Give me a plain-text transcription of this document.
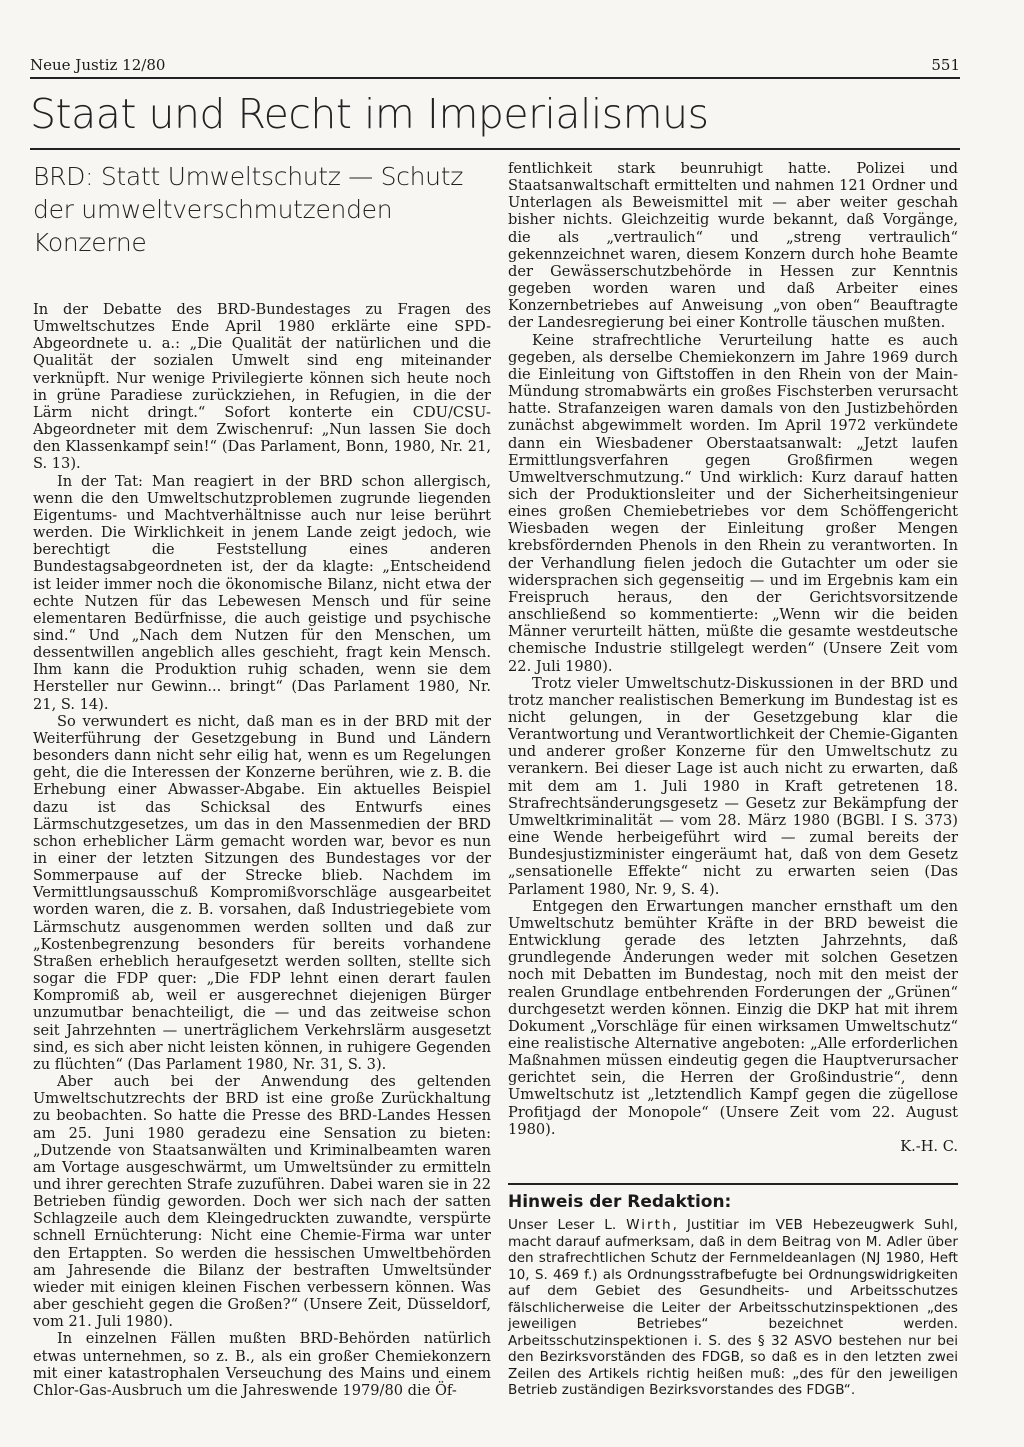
Neue Justiz 12/80	551
Staat und Recht im Imperialismus
BRD: Statt Umweltschutz — Schutz
der umweltverschmutzenden Konzerne

In der Debatte des BRD-Bundestages zu Fragen des Umweltschutzes Ende April 1980 erklärte eine SPD-Abgeordnete u. a.: „Die Qualität der natürlichen und die Qualität der sozialen Umwelt sind eng miteinander verknüpft. Nur wenige Privilegierte können sich heute noch in grüne Paradiese zurückziehen, in Refugien, in die der Lärm nicht dringt.“ Sofort konterte ein CDU/CSU-Abgeordneter mit dem Zwischenruf: „Nun lassen Sie doch den Klassenkampf sein!“ (Das Parlament, Bonn, 1980, Nr. 21, S. 13).

In der Tat: Man reagiert in der BRD schon allergisch, wenn die den Umweltschutzproblemen zugrunde liegenden Eigentums- und Machtverhältnisse auch nur leise berührt werden. Die Wirklichkeit in jenem Lande zeigt jedoch, wie berechtigt die Feststellung eines anderen Bundestagsabgeordneten ist, der da klagte: „Entscheidend ist leider immer noch die ökonomische Bilanz, nicht etwa der echte Nutzen für das Lebewesen Mensch und für seine elementaren Bedürfnisse, die auch geistige und psychische sind.“ Und „Nach dem Nutzen für den Menschen, um dessentwillen angeblich alles geschieht, fragt kein Mensch. Ihm kann die Produktion ruhig schaden, wenn sie dem Hersteller nur Gewinn... bringt“ (Das Parlament 1980, Nr. 21, S. 14).

So verwundert es nicht, daß man es in der BRD mit der Weiterführung der Gesetzgebung in Bund und Ländern besonders dann nicht sehr eilig hat, wenn es um Regelungen geht, die die Interessen der Konzerne berühren, wie z. B. die Erhebung einer Abwasser-Abgabe. Ein aktuelles Beispiel dazu ist das Schicksal des Entwurfs eines Lärmschutzgesetzes, um das in den Massenmedien der BRD schon erheblicher Lärm gemacht worden war, bevor es nun in einer der letzten Sitzungen des Bundestages vor der Sommerpause auf der Strecke blieb. Nachdem im Vermittlungsausschuß Kompromißvorschläge ausgearbeitet worden waren, die z. B. vorsahen, daß Industriegebiete vom Lärmschutz ausgenommen werden sollten und daß zur „Kostenbegrenzung besonders für bereits vorhandene Straßen erheblich heraufgesetzt werden sollten, stellte sich sogar die FDP quer: „Die FDP lehnt einen derart faulen Kompromiß ab, weil er ausgerechnet diejenigen Bürger unzumutbar benachteiligt, die — und das zeitweise schon seit Jahrzehnten — unerträglichem Verkehrslärm ausgesetzt sind, es sich aber nicht leisten können, in ruhigere Gegenden zu flüchten“ (Das Parlament 1980, Nr. 31, S. 3).

Aber auch bei der Anwendung des geltenden Umweltschutzrechts der BRD ist eine große Zurückhaltung zu beobachten. So hatte die Presse des BRD-Landes Hessen am 25. Juni 1980 geradezu eine Sensation zu bieten: „Dutzende von Staatsanwälten und Kriminalbeamten waren am Vortage ausgeschwärmt, um Umweltsünder zu ermitteln und ihrer gerechten Strafe zuzuführen. Dabei waren sie in 22 Betrieben fündig geworden. Doch wer sich nach der satten Schlagzeile auch dem Kleingedruckten zuwandte, verspürte schnell Ernüchterung: Nicht eine Chemie-Firma war unter den Ertappten. So werden die hessischen Umweltbehörden am Jahresende die Bilanz der bestraften Umweltsünder wieder mit einigen kleinen Fischen verbessern können. Was aber geschieht gegen die Großen?“ (Unsere Zeit, Düsseldorf, vom 21. Juli 1980).

In einzelnen Fällen mußten BRD-Behörden natürlich etwas unternehmen, so z. B., als ein großer Chemiekonzern mit einer katastrophalen Verseuchung des Mains und einem Chlor-Gas-Ausbruch um die Jahreswende 1979/80 die Öf-

fentlichkeit stark beunruhigt hatte. Polizei und Staatsanwaltschaft ermittelten und nahmen 121 Ordner und Unterlagen als Beweismittel mit — aber weiter geschah bisher nichts. Gleichzeitig wurde bekannt, daß Vorgänge, die als „vertraulich“ und „streng vertraulich“ gekennzeichnet waren, diesem Konzern durch hohe Beamte der Gewässerschutzbehörde in Hessen zur Kenntnis gegeben worden waren und daß Arbeiter eines Konzernbetriebes auf Anweisung „von oben“ Beauftragte der Landesregierung bei einer Kontrolle täuschen mußten.

Keine strafrechtliche Verurteilung hatte es auch gegeben, als derselbe Chemiekonzern im Jahre 1969 durch die Einleitung von Giftstoffen in den Rhein von der Main-Mündung stromabwärts ein großes Fischsterben verursacht hatte. Strafanzeigen waren damals von den Justizbehörden zunächst abgewimmelt worden. Im April 1972 verkündete dann ein Wiesbadener Oberstaatsanwalt: „Jetzt laufen Ermittlungsverfahren gegen Großfirmen wegen Umweltverschmutzung.“ Und wirklich: Kurz darauf hatten sich der Produktionsleiter und der Sicherheitsingenieur eines großen Chemiebetriebes vor dem Schöffengericht Wiesbaden wegen der Einleitung großer Mengen krebsfördernden Phenols in den Rhein zu verantworten. In der Verhandlung fielen jedoch die Gutachter um oder sie widersprachen sich gegenseitig — und im Ergebnis kam ein Freispruch heraus, den der Gerichtsvorsitzende anschließend so kommentierte: „Wenn wir die beiden Männer verurteilt hätten, müßte die gesamte westdeutsche chemische Industrie stillgelegt werden“ (Unsere Zeit vom 22. Juli 1980).

Trotz vieler Umweltschutz-Diskussionen in der BRD und trotz mancher realistischen Bemerkung im Bundestag ist es nicht gelungen, in der Gesetzgebung klar die Verantwortung und Verantwortlichkeit der Chemie-Giganten und anderer großer Konzerne für den Umweltschutz zu verankern. Bei dieser Lage ist auch nicht zu erwarten, daß mit dem am 1. Juli 1980 in Kraft getretenen 18. Strafrechtsänderungsgesetz — Gesetz zur Bekämpfung der Umweltkriminalität — vom 28. März 1980 (BGBl. I S. 373) eine Wende herbeigeführt wird — zumal bereits der Bundesjustizminister eingeräumt hat, daß von dem Gesetz „sensationelle Effekte“ nicht zu erwarten seien (Das Parlament 1980, Nr. 9, S. 4).

Entgegen den Erwartungen mancher ernsthaft um den Umweltschutz bemühter Kräfte in der BRD beweist die Entwicklung gerade des letzten Jahrzehnts, daß grundlegende Änderungen weder mit solchen Gesetzen noch mit Debatten im Bundestag, noch mit den meist der realen Grundlage entbehrenden Forderungen der „Grünen“ durchgesetzt werden können. Einzig die DKP hat mit ihrem Dokument „Vorschläge für einen wirksamen Umweltschutz“ eine realistische Alternative angeboten: „Alle erforderlichen Maßnahmen müssen eindeutig gegen die Hauptverursacher gerichtet sein, die Herren der Großindustrie“, denn Umweltschutz ist „letztendlich Kampf gegen die zügellose Profitjagd der Monopole“ (Unsere Zeit vom 22. August 1980).

K.-H. C.
Hinweis der Redaktion:
Unser Leser L. Wirth, Justitiar im VEB Hebezeugwerk Suhl, macht darauf aufmerksam, daß in dem Beitrag von M. Adler über den strafrechtlichen Schutz der Fernmeldeanlagen (NJ 1980, Heft 10, S. 469 f.) als Ordnungsstrafbefugte bei Ordnungswidrigkeiten auf dem Gebiet des Gesundheits- und Arbeitsschutzes fälschlicherweise die Leiter der Arbeitsschutzinspektionen „des jeweiligen Betriebes“ bezeichnet werden. Arbeitsschutzinspektionen i. S. des § 32 ASVO bestehen nur bei den Bezirksvorständen des FDGB, so daß es in den letzten zwei Zeilen des Artikels richtig heißen muß: „des für den jeweiligen Betrieb zuständigen Bezirksvorstandes des FDGB“.
